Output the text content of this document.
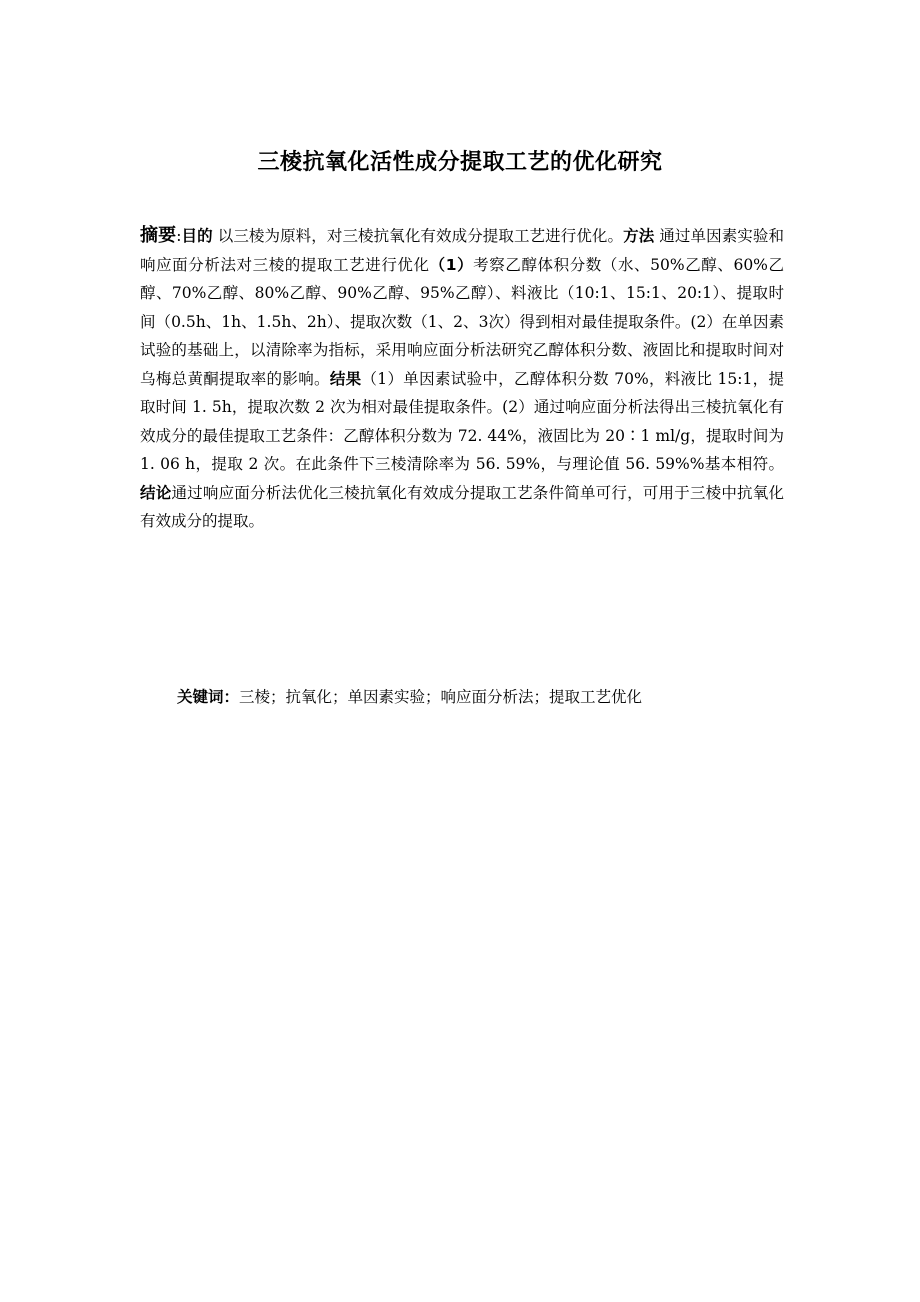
三棱抗氧化活性成分提取工艺的优化研究
摘要:目的 以三棱为原料，对三棱抗氧化有效成分提取工艺进行优化。方法 通过单因素实验和响应面分析法对三棱的提取工艺进行优化（1）考察乙醇体积分数（水、50%乙醇、60%乙醇、70%乙醇、80%乙醇、90%乙醇、95%乙醇）、料液比（10:1、15:1、20:1）、提取时间（0.5h、1h、1.5h、2h）、提取次数（1、2、3次）得到相对最佳提取条件。(2）在单因素试验的基础上，以清除率为指标，采用响应面分析法研究乙醇体积分数、液固比和提取时间对乌梅总黄酮提取率的影响。结果（1）单因素试验中，乙醇体积分数 70%，料液比 15:1，提取时间 1. 5h，提取次数 2 次为相对最佳提取条件。(2）通过响应面分析法得出三棱抗氧化有效成分的最佳提取工艺条件：乙醇体积分数为 72. 44%，液固比为 20∶1 ml/g，提取时间为 1. 06 h，提取 2 次。在此条件下三棱清除率为 56. 59%，与理论值 56. 59%%基本相符。结论通过响应面分析法优化三棱抗氧化有效成分提取工艺条件简单可行，可用于三棱中抗氧化有效成分的提取。
关键词：三棱；抗氧化；单因素实验；响应面分析法；提取工艺优化
